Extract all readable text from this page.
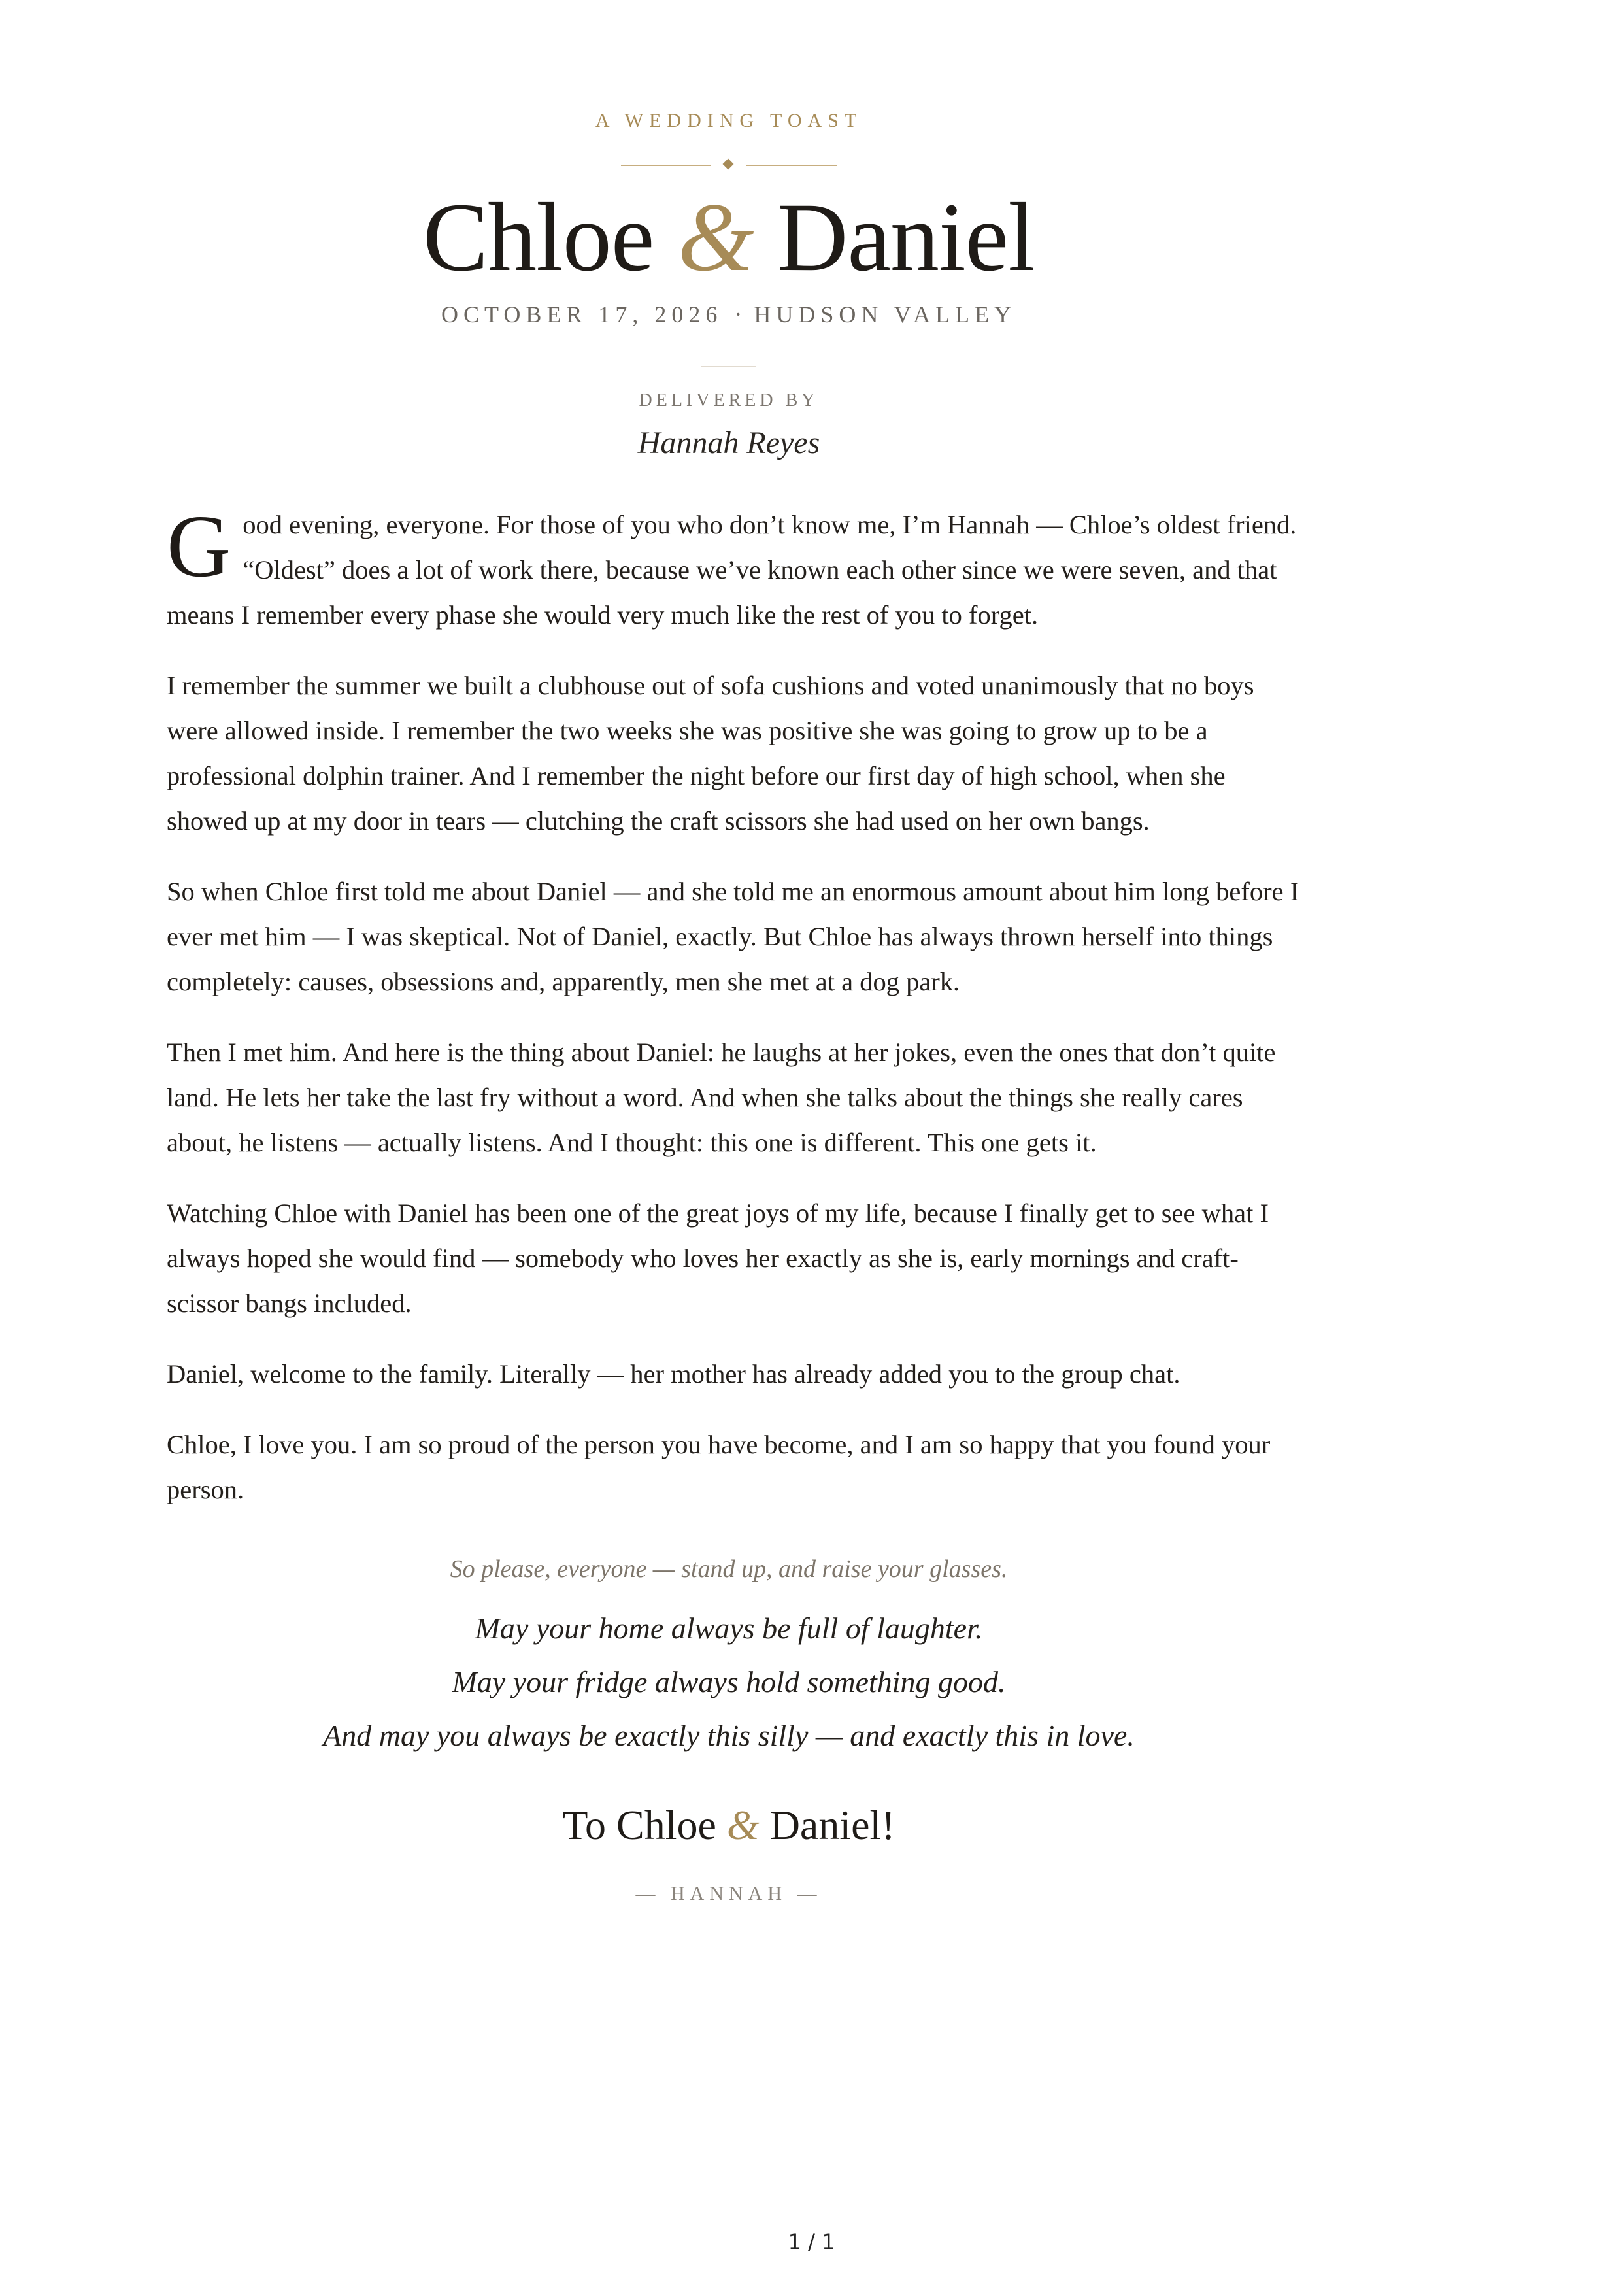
A WEDDING TOAST
Chloe & Daniel
OCTOBER 17, 2026 · HUDSON VALLEY
DELIVERED BY
Hannah Reyes

Good evening, everyone. For those of you who don’t know me, I’m Hannah — Chloe’s oldest friend. “Oldest” does a lot of work there, because we’ve known each other since we were seven, and that means I remember every phase she would very much like the rest of you to forget.

I remember the summer we built a clubhouse out of sofa cushions and voted unanimously that no boys were allowed inside. I remember the two weeks she was positive she was going to grow up to be a professional dolphin trainer. And I remember the night before our first day of high school, when she showed up at my door in tears — clutching the craft scissors she had used on her own bangs.

So when Chloe first told me about Daniel — and she told me an enormous amount about him long before I ever met him — I was skeptical. Not of Daniel, exactly. But Chloe has always thrown herself into things completely: causes, obsessions and, apparently, men she met at a dog park.

Then I met him. And here is the thing about Daniel: he laughs at her jokes, even the ones that don’t quite land. He lets her take the last fry without a word. And when she talks about the things she really cares about, he listens — actually listens. And I thought: this one is different. This one gets it.

Watching Chloe with Daniel has been one of the great joys of my life, because I finally get to see what I always hoped she would find — somebody who loves her exactly as she is, early mornings and craft-scissor bangs included.

Daniel, welcome to the family. Literally — her mother has already added you to the group chat.

Chloe, I love you. I am so proud of the person you have become, and I am so happy that you found your person.

So please, everyone — stand up, and raise your glasses.
May your home always be full of laughter.
May your fridge always hold something good.
And may you always be exactly this silly — and exactly this in love.
To Chloe & Daniel!
— HANNAH —
1 / 1
